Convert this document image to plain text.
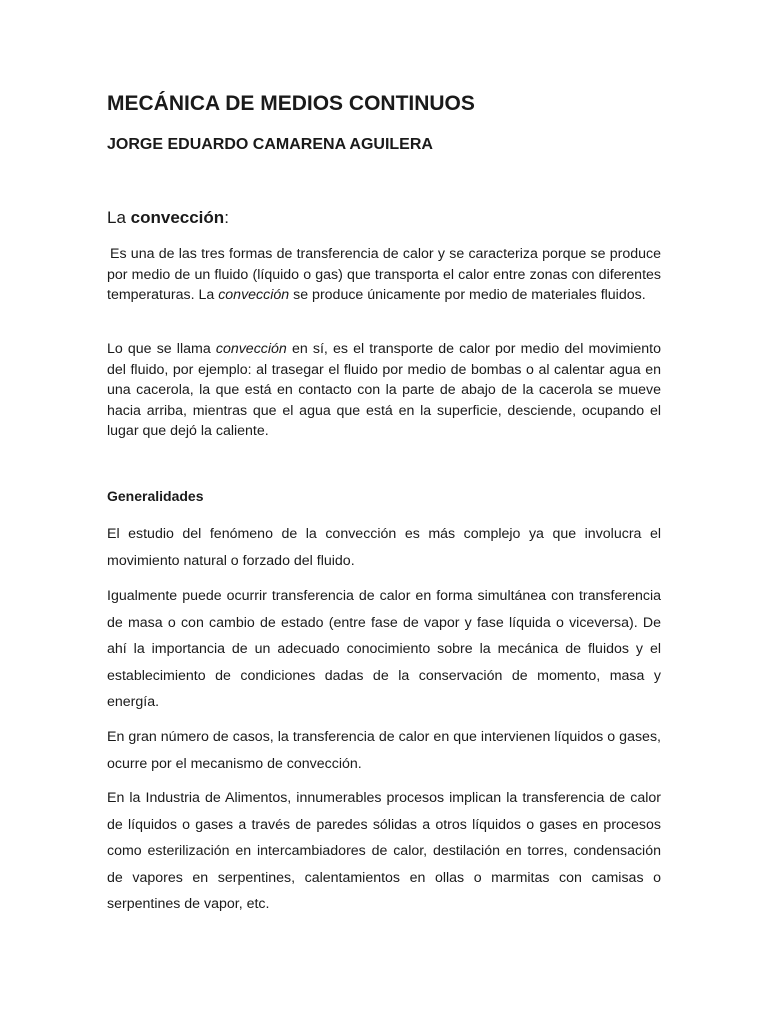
MECÁNICA DE MEDIOS CONTINUOS
JORGE EDUARDO CAMARENA AGUILERA
La convección:

Es una de las tres formas de transferencia de calor y se caracteriza porque se produce por medio de un fluido (líquido o gas) que transporta el calor entre zonas con diferentes temperaturas. La convección se produce únicamente por medio de materiales fluidos.

Lo que se llama convección en sí, es el transporte de calor por medio del movimiento del fluido, por ejemplo: al trasegar el fluido por medio de bombas o al calentar agua en una cacerola, la que está en contacto con la parte de abajo de la cacerola se mueve hacia arriba, mientras que el agua que está en la superficie, desciende, ocupando el lugar que dejó la caliente.

Generalidades

El estudio del fenómeno de la convección es más complejo ya que involucra el movimiento natural o forzado del fluido.

Igualmente puede ocurrir transferencia de calor en forma simultánea con transferencia de masa o con cambio de estado (entre fase de vapor y fase líquida o viceversa). De ahí la importancia de un adecuado conocimiento sobre la mecánica de fluidos y el establecimiento de condiciones dadas de la conservación de momento, masa y energía.

En gran número de casos, la transferencia de calor en que intervienen líquidos o gases, ocurre por el mecanismo de convección.

En la Industria de Alimentos, innumerables procesos implican la transferencia de calor de líquidos o gases a través de paredes sólidas a otros líquidos o gases en procesos como esterilización en intercambiadores de calor, destilación en torres, condensación de vapores en serpentines, calentamientos en ollas o marmitas con camisas o serpentines de vapor, etc.
